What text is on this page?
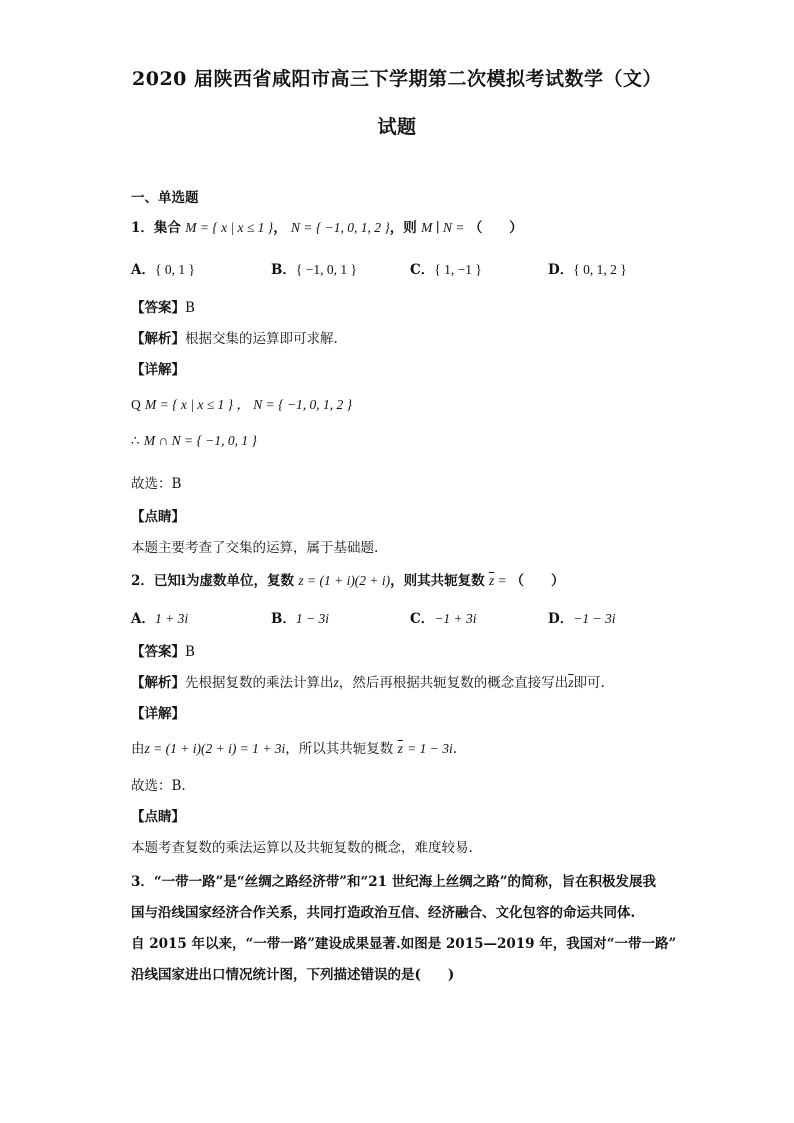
2020 届陕西省咸阳市高三下学期第二次模拟考试数学（文）
试题
一、单选题
1．集合 M = { x | x ≤ 1 }， N = { −1, 0, 1, 2 }，则 M ∣ N = （　　）
A．{ 0, 1 }	B．{ −1, 0, 1 }	C．{ 1, −1 }	D．{ 0, 1, 2 }
【答案】B
【解析】根据交集的运算即可求解.
【详解】
Q M = { x | x ≤ 1 } ， N = { −1, 0, 1, 2 }
∴ M ∩ N = { −1, 0, 1 }
故选：B
【点睛】
本题主要考查了交集的运算，属于基础题.
2．已知i为虚数单位，复数 z = (1 + i)(2 + i)，则其共轭复数 $\overline{z}$ = （　　）
A．1 + 3i	B．1 − 3i	C．−1 + 3i	D．−1 − 3i
【答案】B
【解析】先根据复数的乘法计算出z，然后再根据共轭复数的概念直接写出$\overline{z}$即可.
【详解】
由z = (1 + i)(2 + i) = 1 + 3i，所以其共轭复数 $\overline{z} = 1 - 3i$.
故选：B.
【点睛】
本题考查复数的乘法运算以及共轭复数的概念，难度较易.
3．“一带一路”是“丝绸之路经济带”和“21 世纪海上丝绸之路”的简称，旨在积极发展我
国与沿线国家经济合作关系，共同打造政治互信、经济融合、文化包容的命运共同体.
自 2015 年以来，“一带一路”建设成果显著.如图是 2015—2019 年，我国对“一带一路”
沿线国家进出口情况统计图，下列描述错误的是(　　)
